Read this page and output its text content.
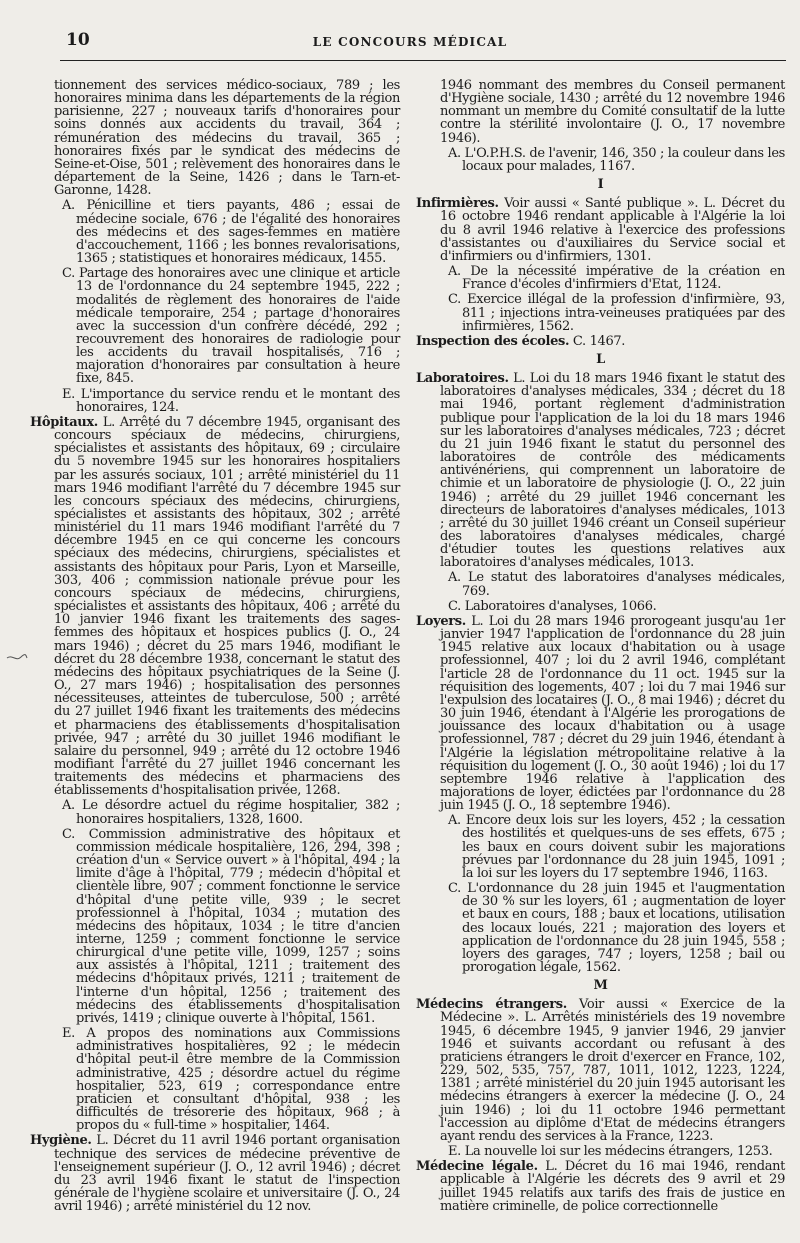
10	LE CONCOURS MÉDICAL

tionnement des services médico-sociaux, 789 ; les honoraires minima dans les départements de la région parisienne, 227 ; nouveaux tarifs d'honoraires pour soins donnés aux accidents du travail, 364 ; rémunération des médecins du travail, 365 ; honoraires fixés par le syndicat des médecins de Seine-et-Oise, 501 ; relèvement des honoraires dans le département de la Seine, 1426 ; dans le Tarn-et-Garonne, 1428.

A. Pénicilline et tiers payants, 486 ; essai de médecine sociale, 676 ; de l'égalité des honoraires des médecins et des sages-femmes en matière d'accouchement, 1166 ; les bonnes revalorisations, 1365 ; statistiques et honoraires médicaux, 1455.

C. Partage des honoraires avec une clinique et article 13 de l'ordonnance du 24 septembre 1945, 222 ; modalités de règlement des honoraires de l'aide médicale temporaire, 254 ; partage d'honoraires avec la succession d'un confrère décédé, 292 ; recouvrement des honoraires de radiologie pour les accidents du travail hospitalisés, 716 ; majoration d'honoraires par consultation à heure fixe, 845.

E. L'importance du service rendu et le montant des honoraires, 124.

Hôpitaux. L. Arrêté du 7 décembre 1945, organisant des concours spéciaux de médecins, chirurgiens, spécialistes et assistants des hôpitaux, 69 ; circulaire du 5 novembre 1945 sur les honoraires hospitaliers par les assurés sociaux, 101 ; arrêté ministériel du 11 mars 1946 modifiant l'arrêté du 7 décembre 1945 sur les concours spéciaux des médecins, chirurgiens, spécialistes et assistants des hôpitaux, 302 ; arrêté ministériel du 11 mars 1946 modifiant l'arrêté du 7 décembre 1945 en ce qui concerne les concours spéciaux des médecins, chirurgiens, spécialistes et assistants des hôpitaux pour Paris, Lyon et Marseille, 303, 406 ; commission nationale prévue pour les concours spéciaux de médecins, chirurgiens, spécialistes et assistants des hôpitaux, 406 ; arrêté du 10 janvier 1946 fixant les traitements des sages-femmes des hôpitaux et hospices publics (J. O., 24 mars 1946) ; décret du 25 mars 1946, modifiant le décret du 28 décembre 1938, concernant le statut des médecins des hôpitaux psychiatriques de la Seine (J. O., 27 mars 1946) ; hospitalisation des personnes nécessiteuses, atteintes de tuberculose, 500 ; arrêté du 27 juillet 1946 fixant les traitements des médecins et pharmaciens des établissements d'hospitalisation privée, 947 ; arrêté du 30 juillet 1946 modifiant le salaire du personnel, 949 ; arrêté du 12 octobre 1946 modifiant l'arrêté du 27 juillet 1946 concernant les traitements des médecins et pharmaciens des établissements d'hospitalisation privée, 1268.

A. Le désordre actuel du régime hospitalier, 382 ; honoraires hospitaliers, 1328, 1600.

C. Commission administrative des hôpitaux et commission médicale hospitalière, 126, 294, 398 ; création d'un « Service ouvert » à l'hôpital, 494 ; la limite d'âge à l'hôpital, 779 ; médecin d'hôpital et clientèle libre, 907 ; comment fonctionne le service d'hôpital d'une petite ville, 939 ; le secret professionnel à l'hôpital, 1034 ; mutation des médecins des hôpitaux, 1034 ; le titre d'ancien interne, 1259 ; comment fonctionne le service chirurgical d'une petite ville, 1099, 1257 ; soins aux assistés à l'hôpital, 1211 ; traitement des médecins d'hôpitaux privés, 1211 ; traitement de l'interne d'un hôpital, 1256 ; traitement des médecins des établissements d'hospitalisation privés, 1419 ; clinique ouverte à l'hôpital, 1561.

E. A propos des nominations aux Commissions administratives hospitalières, 92 ; le médecin d'hôpital peut-il être membre de la Commission administrative, 425 ; désordre actuel du régime hospitalier, 523, 619 ; correspondance entre praticien et consultant d'hôpital, 938 ; les difficultés de trésorerie des hôpitaux, 968 ; à propos du « full-time » hospitalier, 1464.

Hygiène. L. Décret du 11 avril 1946 portant organisation technique des services de médecine préventive de l'enseignement supérieur (J. O., 12 avril 1946) ; décret du 23 avril 1946 fixant le statut de l'inspection générale de l'hygiène scolaire et universitaire (J. O., 24 avril 1946) ; arrêté ministériel du 12 nov.

1946 nommant des membres du Conseil permanent d'Hygiène sociale, 1430 ; arrêté du 12 novembre 1946 nommant un membre du Comité consultatif de la lutte contre la stérilité involontaire (J. O., 17 novembre 1946).

A. L'O.P.H.S. de l'avenir, 146, 350 ; la couleur dans les locaux pour malades, 1167.

I

Infirmières. Voir aussi « Santé publique ». L. Décret du 16 octobre 1946 rendant applicable à l'Algérie la loi du 8 avril 1946 relative à l'exercice des professions d'assistantes ou d'auxiliaires du Service social et d'infirmiers ou d'infirmiers, 1301.

A. De la nécessité impérative de la création en France d'écoles d'infirmiers d'Etat, 1124.

C. Exercice illégal de la profession d'infirmière, 93, 811 ; injections intra-veineuses pratiquées par des infirmières, 1562.

Inspection des écoles. C. 1467.

L

Laboratoires. L. Loi du 18 mars 1946 fixant le statut des laboratoires d'analyses médicales, 334 ; décret du 18 mai 1946, portant règlement d'administration publique pour l'application de la loi du 18 mars 1946 sur les laboratoires d'analyses médicales, 723 ; décret du 21 juin 1946 fixant le statut du personnel des laboratoires de contrôle des médicaments antivénériens, qui comprennent un laboratoire de chimie et un laboratoire de physiologie (J. O., 22 juin 1946) ; arrêté du 29 juillet 1946 concernant les directeurs de laboratoires d'analyses médicales, 1013 ; arrêté du 30 juillet 1946 créant un Conseil supérieur des laboratoires d'analyses médicales, chargé d'étudier toutes les questions relatives aux laboratoires d'analyses médicales, 1013.

A. Le statut des laboratoires d'analyses médicales, 769.

C. Laboratoires d'analyses, 1066.

Loyers. L. Loi du 28 mars 1946 prorogeant jusqu'au 1er janvier 1947 l'application de l'ordonnance du 28 juin 1945 relative aux locaux d'habitation ou à usage professionnel, 407 ; loi du 2 avril 1946, complétant l'article 28 de l'ordonnance du 11 oct. 1945 sur la réquisition des logements, 407 ; loi du 7 mai 1946 sur l'expulsion des locataires (J. O., 8 mai 1946) ; décret du 30 juin 1946, étendant à l'Algérie les prorogations de jouissance des locaux d'habitation ou à usage professionnel, 787 ; décret du 29 juin 1946, étendant à l'Algérie la législation métropolitaine relative à la réquisition du logement (J. O., 30 août 1946) ; loi du 17 septembre 1946 relative à l'application des majorations de loyer, édictées par l'ordonnance du 28 juin 1945 (J. O., 18 septembre 1946).

A. Encore deux lois sur les loyers, 452 ; la cessation des hostilités et quelques-uns de ses effets, 675 ; les baux en cours doivent subir les majorations prévues par l'ordonnance du 28 juin 1945, 1091 ; la loi sur les loyers du 17 septembre 1946, 1163.

C. L'ordonnance du 28 juin 1945 et l'augmentation de 30 % sur les loyers, 61 ; augmentation de loyer et baux en cours, 188 ; baux et locations, utilisation des locaux loués, 221 ; majoration des loyers et application de l'ordonnance du 28 juin 1945, 558 ; loyers des garages, 747 ; loyers, 1258 ; bail ou prorogation légale, 1562.

M

Médecins étrangers. Voir aussi « Exercice de la Médecine ». L. Arrêtés ministériels des 19 novembre 1945, 6 décembre 1945, 9 janvier 1946, 29 janvier 1946 et suivants accordant ou refusant à des praticiens étrangers le droit d'exercer en France, 102, 229, 502, 535, 757, 787, 1011, 1012, 1223, 1224, 1381 ; arrêté ministériel du 20 juin 1945 autorisant les médecins étrangers à exercer la médecine (J. O., 24 juin 1946) ; loi du 11 octobre 1946 permettant l'accession au diplôme d'Etat de médecins étrangers ayant rendu des services à la France, 1223.

E. La nouvelle loi sur les médecins étrangers, 1253.

Médecine légale. L. Décret du 16 mai 1946, rendant applicable à l'Algérie les décrets des 9 avril et 29 juillet 1945 relatifs aux tarifs des frais de justice en matière criminelle, de police correctionnelle
